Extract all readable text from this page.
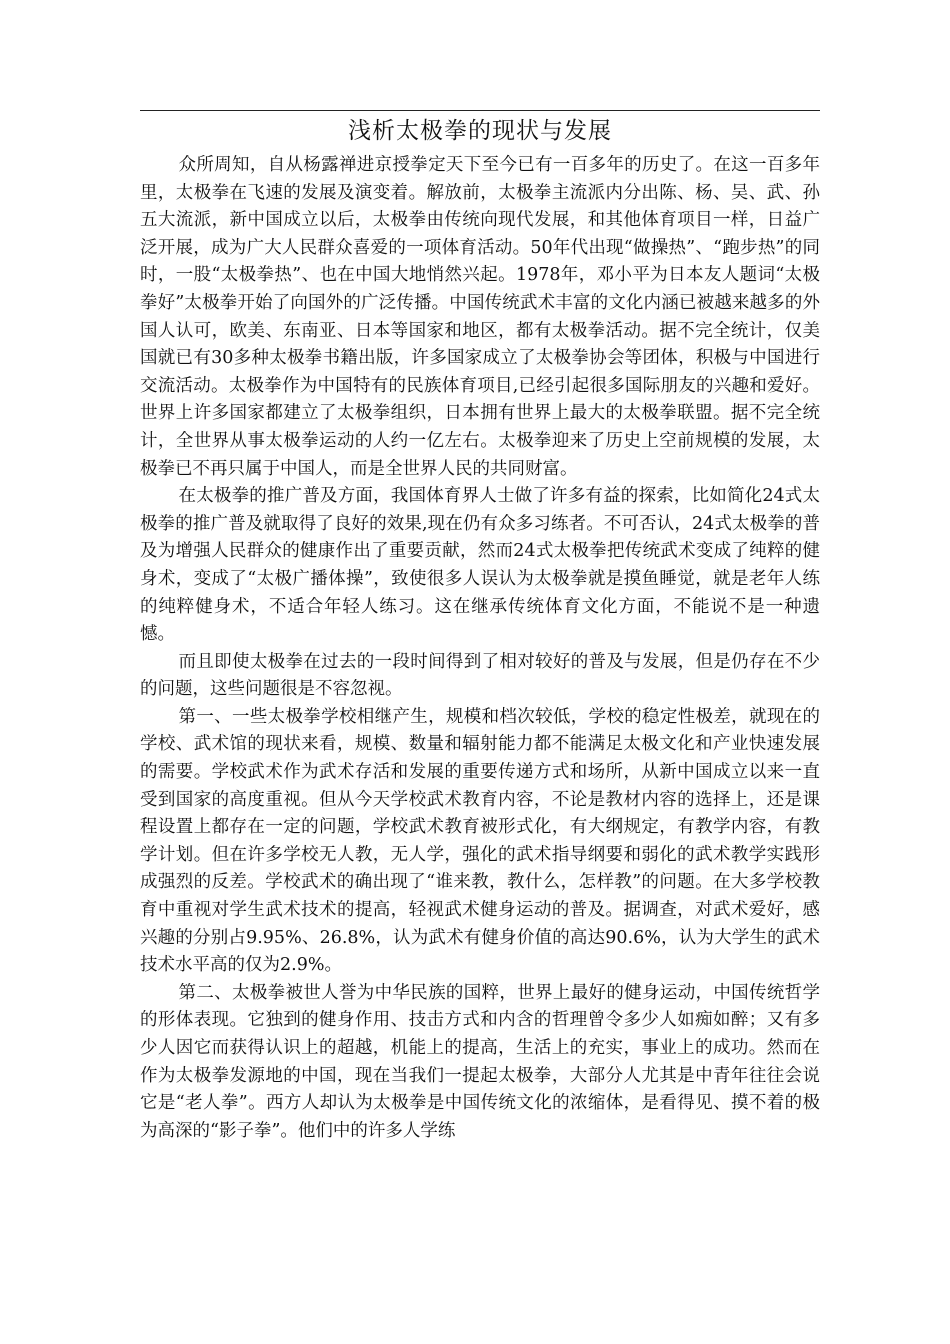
浅析太极拳的现状与发展

众所周知，自从杨露禅进京授拳定天下至今已有一百多年的历史了。在这一百多年里，太极拳在飞速的发展及演变着。解放前，太极拳主流派内分出陈、杨、吴、武、孙五大流派，新中国成立以后，太极拳由传统向现代发展，和其他体育项目一样，日益广泛开展，成为广大人民群众喜爱的一项体育活动。50年代出现“做操热”、“跑步热”的同时，一股“太极拳热”、也在中国大地悄然兴起。1978年，邓小平为日本友人题词“太极拳好”太极拳开始了向国外的广泛传播。中国传统武术丰富的文化内涵已被越来越多的外国人认可，欧美、东南亚、日本等国家和地区，都有太极拳活动。据不完全统计，仅美国就已有30多种太极拳书籍出版，许多国家成立了太极拳协会等团体，积极与中国进行交流活动。太极拳作为中国特有的民族体育项目,已经引起很多国际朋友的兴趣和爱好。世界上许多国家都建立了太极拳组织，日本拥有世界上最大的太极拳联盟。据不完全统计，全世界从事太极拳运动的人约一亿左右。太极拳迎来了历史上空前规模的发展，太极拳已不再只属于中国人，而是全世界人民的共同财富。

在太极拳的推广普及方面，我国体育界人士做了许多有益的探索，比如简化24式太极拳的推广普及就取得了良好的效果,现在仍有众多习练者。不可否认，24式太极拳的普及为增强人民群众的健康作出了重要贡献，然而24式太极拳把传统武术变成了纯粹的健身术，变成了“太极广播体操”，致使很多人误认为太极拳就是摸鱼睡觉，就是老年人练的纯粹健身术，不适合年轻人练习。这在继承传统体育文化方面，不能说不是一种遗憾。

而且即使太极拳在过去的一段时间得到了相对较好的普及与发展，但是仍存在不少的问题，这些问题很是不容忽视。

第一、一些太极拳学校相继产生，规模和档次较低，学校的稳定性极差，就现在的学校、武术馆的现状来看，规模、数量和辐射能力都不能满足太极文化和产业快速发展的需要。学校武术作为武术存活和发展的重要传递方式和场所，从新中国成立以来一直受到国家的高度重视。但从今天学校武术教育内容，不论是教材内容的选择上，还是课程设置上都存在一定的问题，学校武术教育被形式化，有大纲规定，有教学内容，有教学计划。但在许多学校无人教，无人学，强化的武术指导纲要和弱化的武术教学实践形成强烈的反差。学校武术的确出现了“谁来教，教什么，怎样教”的问题。在大多学校教育中重视对学生武术技术的提高，轻视武术健身运动的普及。据调查，对武术爱好，感兴趣的分别占9.95%、26.8%，认为武术有健身价值的高达90.6%，认为大学生的武术技术水平高的仅为2.9%。

第二、太极拳被世人誉为中华民族的国粹，世界上最好的健身运动，中国传统哲学的形体表现。它独到的健身作用、技击方式和内含的哲理曾令多少人如痴如醉；又有多少人因它而获得认识上的超越，机能上的提高，生活上的充实，事业上的成功。然而在作为太极拳发源地的中国，现在当我们一提起太极拳，大部分人尤其是中青年往往会说它是“老人拳”。西方人却认为太极拳是中国传统文化的浓缩体，是看得见、摸不着的极为高深的“影子拳”。他们中的许多人学练
